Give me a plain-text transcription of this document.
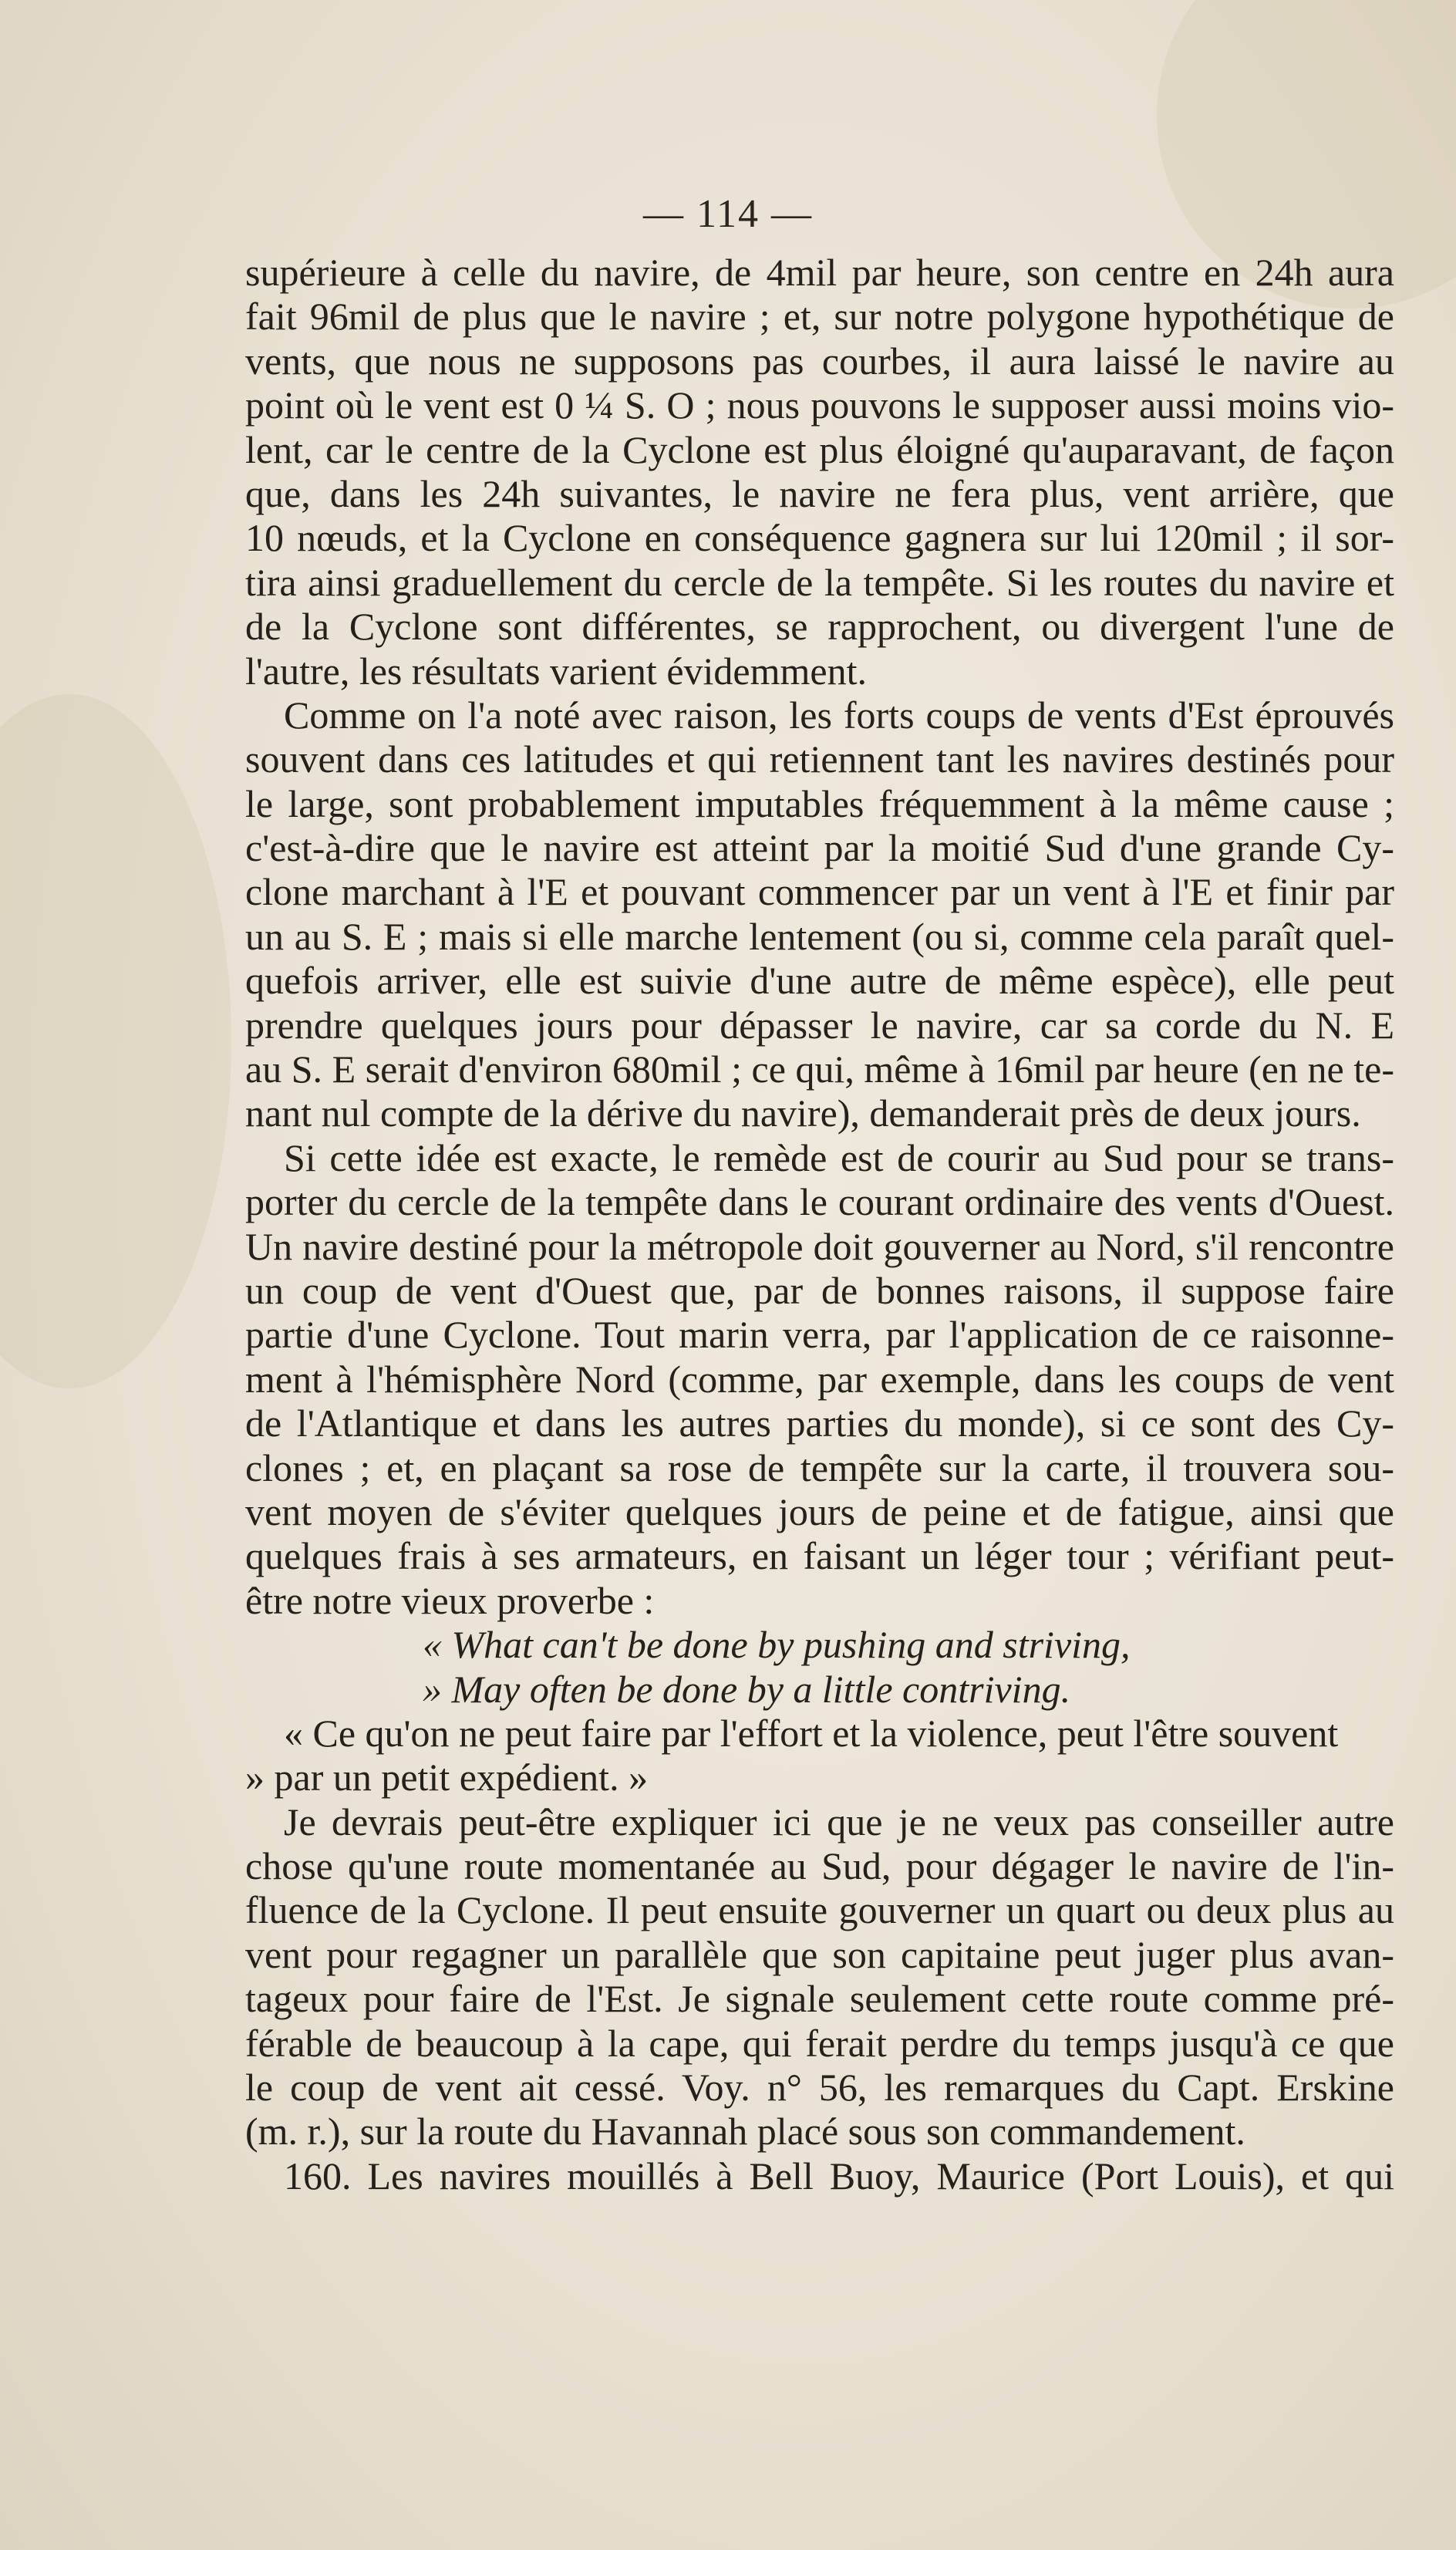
— 114 —
supérieure à celle du navire, de 4mil par heure, son centre en 24h aura
fait 96mil de plus que le navire ; et, sur notre polygone hypothétique de
vents, que nous ne supposons pas courbes, il aura laissé le navire au
point où le vent est 0 ¼ S. O ; nous pouvons le supposer aussi moins vio-
lent, car le centre de la Cyclone est plus éloigné qu'auparavant, de façon
que, dans les 24h suivantes, le navire ne fera plus, vent arrière, que
10 nœuds, et la Cyclone en conséquence gagnera sur lui 120mil ; il sor-
tira ainsi graduellement du cercle de la tempête. Si les routes du navire et
de la Cyclone sont différentes, se rapprochent, ou divergent l'une de
l'autre, les résultats varient évidemment.
Comme on l'a noté avec raison, les forts coups de vents d'Est éprouvés
souvent dans ces latitudes et qui retiennent tant les navires destinés pour
le large, sont probablement imputables fréquemment à la même cause ;
c'est-à-dire que le navire est atteint par la moitié Sud d'une grande Cy-
clone marchant à l'E et pouvant commencer par un vent à l'E et finir par
un au S. E ; mais si elle marche lentement (ou si, comme cela paraît quel-
quefois arriver, elle est suivie d'une autre de même espèce), elle peut
prendre quelques jours pour dépasser le navire, car sa corde du N. E
au S. E serait d'environ 680mil ; ce qui, même à 16mil par heure (en ne te-
nant nul compte de la dérive du navire), demanderait près de deux jours.
Si cette idée est exacte, le remède est de courir au Sud pour se trans-
porter du cercle de la tempête dans le courant ordinaire des vents d'Ouest.
Un navire destiné pour la métropole doit gouverner au Nord, s'il rencontre
un coup de vent d'Ouest que, par de bonnes raisons, il suppose faire
partie d'une Cyclone. Tout marin verra, par l'application de ce raisonne-
ment à l'hémisphère Nord (comme, par exemple, dans les coups de vent
de l'Atlantique et dans les autres parties du monde), si ce sont des Cy-
clones ; et, en plaçant sa rose de tempête sur la carte, il trouvera sou-
vent moyen de s'éviter quelques jours de peine et de fatigue, ainsi que
quelques frais à ses armateurs, en faisant un léger tour ; vérifiant peut-
être notre vieux proverbe :
« What can't be done by pushing and striving,
» May often be done by a little contriving.
« Ce qu'on ne peut faire par l'effort et la violence, peut l'être souvent
» par un petit expédient. »
Je devrais peut-être expliquer ici que je ne veux pas conseiller autre
chose qu'une route momentanée au Sud, pour dégager le navire de l'in-
fluence de la Cyclone. Il peut ensuite gouverner un quart ou deux plus au
vent pour regagner un parallèle que son capitaine peut juger plus avan-
tageux pour faire de l'Est. Je signale seulement cette route comme pré-
férable de beaucoup à la cape, qui ferait perdre du temps jusqu'à ce que
le coup de vent ait cessé. Voy. n° 56, les remarques du Capt. Erskine
(m. r.), sur la route du Havannah placé sous son commandement.
160. Les navires mouillés à Bell Buoy, Maurice (Port Louis), et qui
